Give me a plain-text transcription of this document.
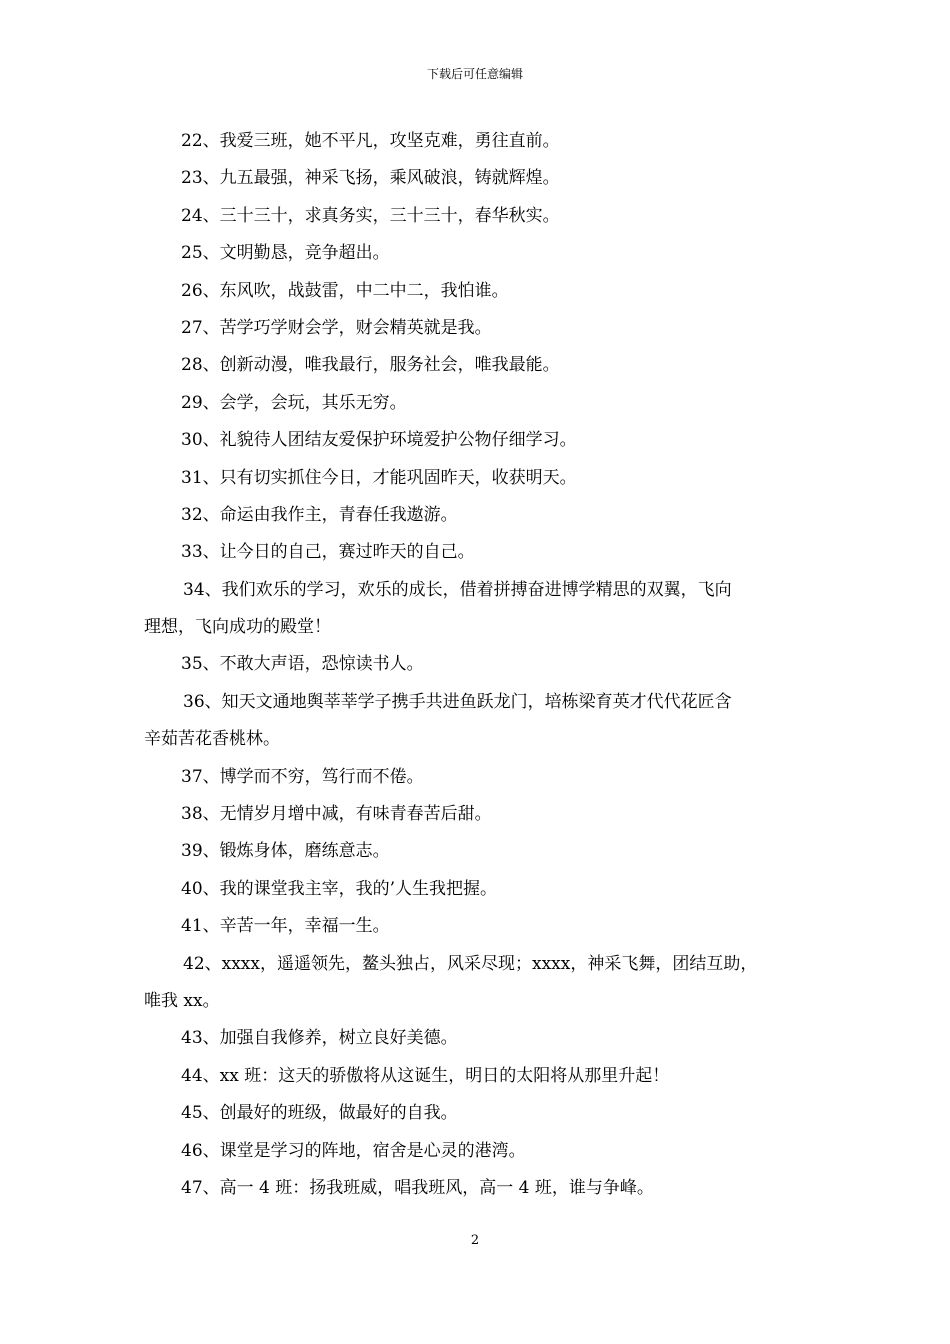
下载后可任意编辑

22、我爱三班，她不平凡，攻坚克难，勇往直前。

23、九五最强，神采飞扬，乘风破浪，铸就辉煌。

24、三十三十，求真务实，三十三十，春华秋实。

25、文明勤恳，竞争超出。

26、东风吹，战鼓雷，中二中二，我怕谁。

27、苦学巧学财会学，财会精英就是我。

28、创新动漫，唯我最行，服务社会，唯我最能。

29、会学，会玩，其乐无穷。

30、礼貌待人团结友爱保护环境爱护公物仔细学习。

31、只有切实抓住今日，才能巩固昨天，收获明天。

32、命运由我作主，青春任我遨游。

33、让今日的自己，赛过昨天的自己。

34、我们欢乐的学习，欢乐的成长，借着拼搏奋进博学精思的双翼，飞向

理想，飞向成功的殿堂！

35、不敢大声语，恐惊读书人。

36、知天文通地舆莘莘学子携手共进鱼跃龙门，培栋梁育英才代代花匠含

辛茹苦花香桃林。

37、博学而不穷，笃行而不倦。

38、无情岁月增中减，有味青春苦后甜。

39、锻炼身体，磨练意志。

40、我的课堂我主宰，我的’人生我把握。

41、辛苦一年，幸福一生。

42、xxxx，遥遥领先，鳌头独占，风采尽现；xxxx，神采飞舞，团结互助，

唯我 xx。

43、加强自我修养，树立良好美德。

44、xx 班：这天的骄傲将从这诞生，明日的太阳将从那里升起！

45、创最好的班级，做最好的自我。

46、课堂是学习的阵地，宿舍是心灵的港湾。

47、高一 4 班：扬我班威，唱我班风，高一 4 班，谁与争峰。

2
